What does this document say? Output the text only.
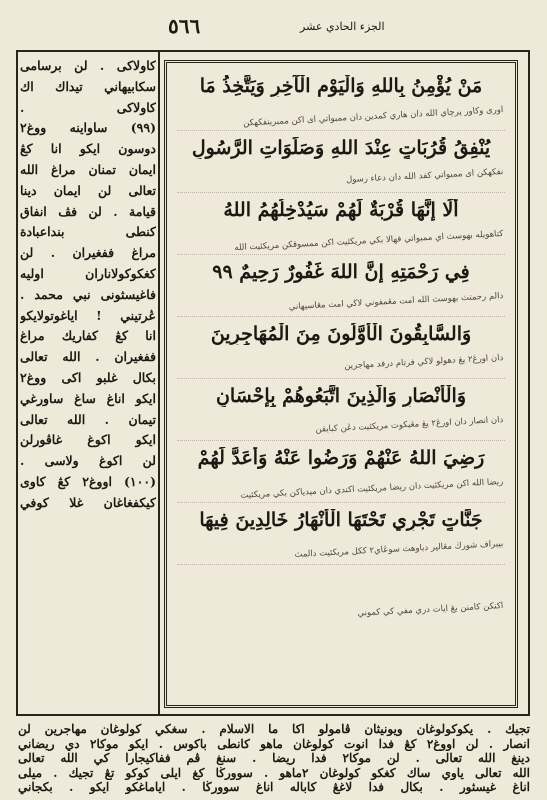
٥٦٦	الجزء الحادي عشر
مَنْ يُؤْمِنُ بِاللهِ وَالْيَوْمِ الْآخِرِ وَيَتَّخِذُ مَا
اورى وكاور پرچاي الله دان هاري كمدين دان ممبواتي اى اكن ممبرينفكهكن
يُنْفِقُ قُرُبَاتٍ عِنْدَ اللهِ وَصَلَوَاتِ الرَّسُولِ
نفكهكن اى ممبواتي كفد الله دان دعاء رسول
أَلَا إِنَّهَا قُرْبَةٌ لَهُمْ سَيُدْخِلُهُمُ اللهُ
كتاهويله بهوسث اي ممبواتي فهالا بكي مريكئيت اكن ممسوقكن مريكئيت الله
فِي رَحْمَتِهِ إِنَّ اللهَ غَفُورٌ رَحِيمٌ ٩٩
دالم رحمتث بهوسث الله امت مڠمفوني لاڬي امت مڠاسيهاني
وَالسَّابِقُونَ الْأَوَّلُونَ مِنَ الْمُهَاجِرِينَ
دان اورڠ٢ يڠ دهولو لاڬي فرتام درفد مهاجرين
وَالْأَنْصَارِ وَالَّذِينَ اتَّبَعُوهُمْ بِإِحْسَانٍ
دان انصار دان اورڠ٢ يڠ مڠيكوت مريكئيت دڠن كبايقن
رَضِيَ اللهُ عَنْهُمْ وَرَضُوا عَنْهُ وَأَعَدَّ لَهُمْ
ريضا الله اكن مريكئيت دان ريضا مريكئيت اكندي دان مڽدياكن بكي مريكئيت
جَنَّاتٍ تَجْرِي تَحْتَهَا الْأَنْهَارُ خَالِدِينَ فِيهَا
بيبراف شورڬ مڠالير دباوهث سوڠاي٢ ككل مريكئيت دالمث
اكنكن كأمنن يڠ ايات دري مفي كي كموني
كاولاكى . لن برسامى
سكابيهاني تيداك اك
كاولاكى .
(٩٩) ساواينه ووغ٢
دوسون ايكو انا كڠ
ايمان تمنان مراغ الله
تعالى لن ايمان دينا
قيامة . لن فڤ انفاق
كنطى بنداعبادة
مراغ ففغيران . لن
كغكوكولاناران اوليه
فاغيسثونى نبي محمد .
ڠرتيني ! اياغوتولايكو
انا كڠ كفاريك مراغ
ففغيران . الله تعالى
بكال غلبو اكى ووغ٢
ايكو اناغ ساغ ساورغي
تيمان . الله تعالى
ايكو اكوغ غاڤورلن
لن اكوغ ولاسى .
(١٠٠) اووغ٢ كڠ كاوى
كيكفغاغان غلا كوفي
تجيك . يكوكولوغان ويونيثان ڤامولو اكا ما الاسلام . سغكي كولوغان مهاجرين لن
انصار . لن اووغ٢ كڠ فدا انوت كولوغان ماهو كانطى باكوس . ايكو موكا٢ دي ريضاني
دينغ الله تعالى . لن موكا٢ فدا ريضا . سنغ ڤم ففاكيجارا كي الله تعالى
الله تعالى ياوي ساك كغكو كولوغان ٢ماهو . سوورڬا كغ ايلى كوكو تڠ تجيك . ميلى
اناغ غيسثور . بكال فدا لاغڠ كاباله اناغ سوورڬا . اياماغكو ايكو . بكجاني
